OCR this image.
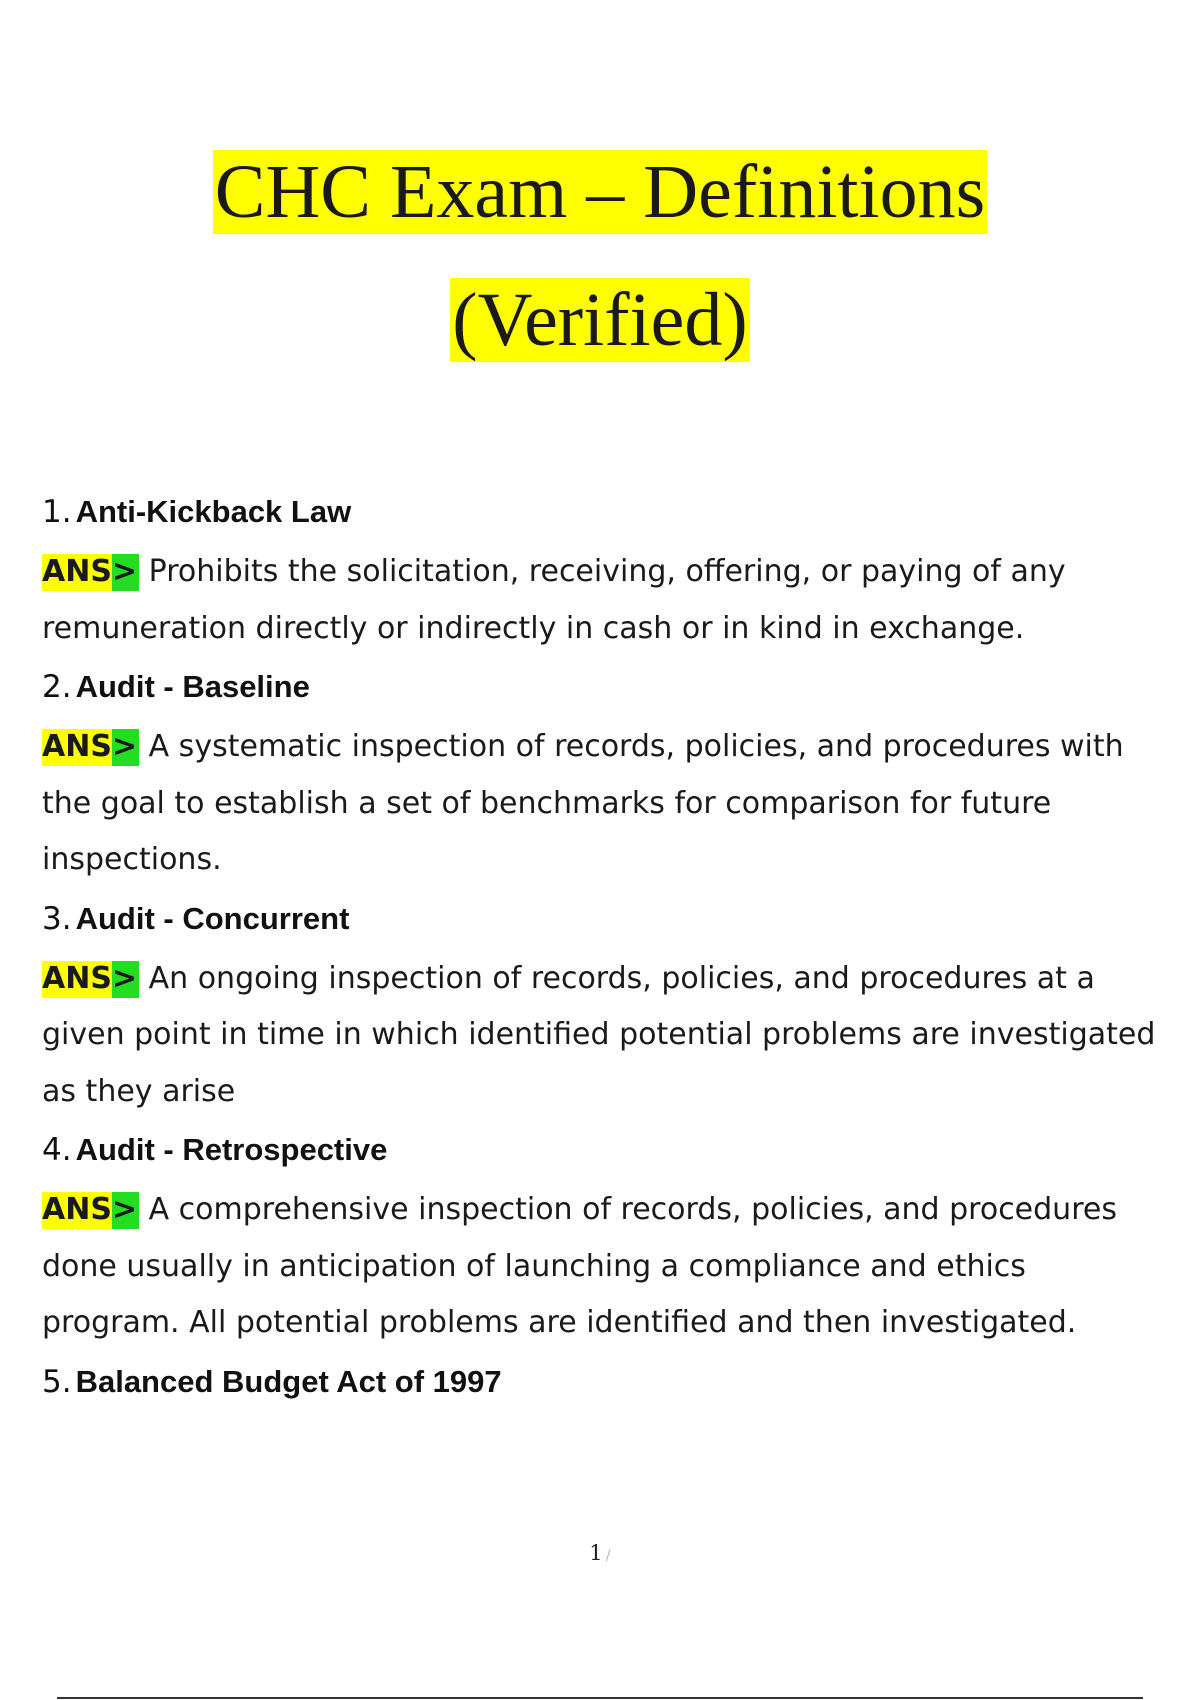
CHC Exam – Definitions
(Verified)

1. Anti-Kickback Law

ANS> Prohibits the solicitation, receiving, offering, or paying of any remuneration directly or indirectly in cash or in kind in exchange.

2. Audit - Baseline

ANS> A systematic inspection of records, policies, and procedures with the goal to establish a set of benchmarks for comparison for future inspections.

3. Audit - Concurrent

ANS> An ongoing inspection of records, policies, and procedures at a given point in time in which identified potential problems are investigated as they arise

4. Audit - Retrospective

ANS> A comprehensive inspection of records, policies, and procedures done usually in anticipation of launching a compliance and ethics program. All potential problems are identified and then investigated.

5. Balanced Budget Act of 1997

1 /
